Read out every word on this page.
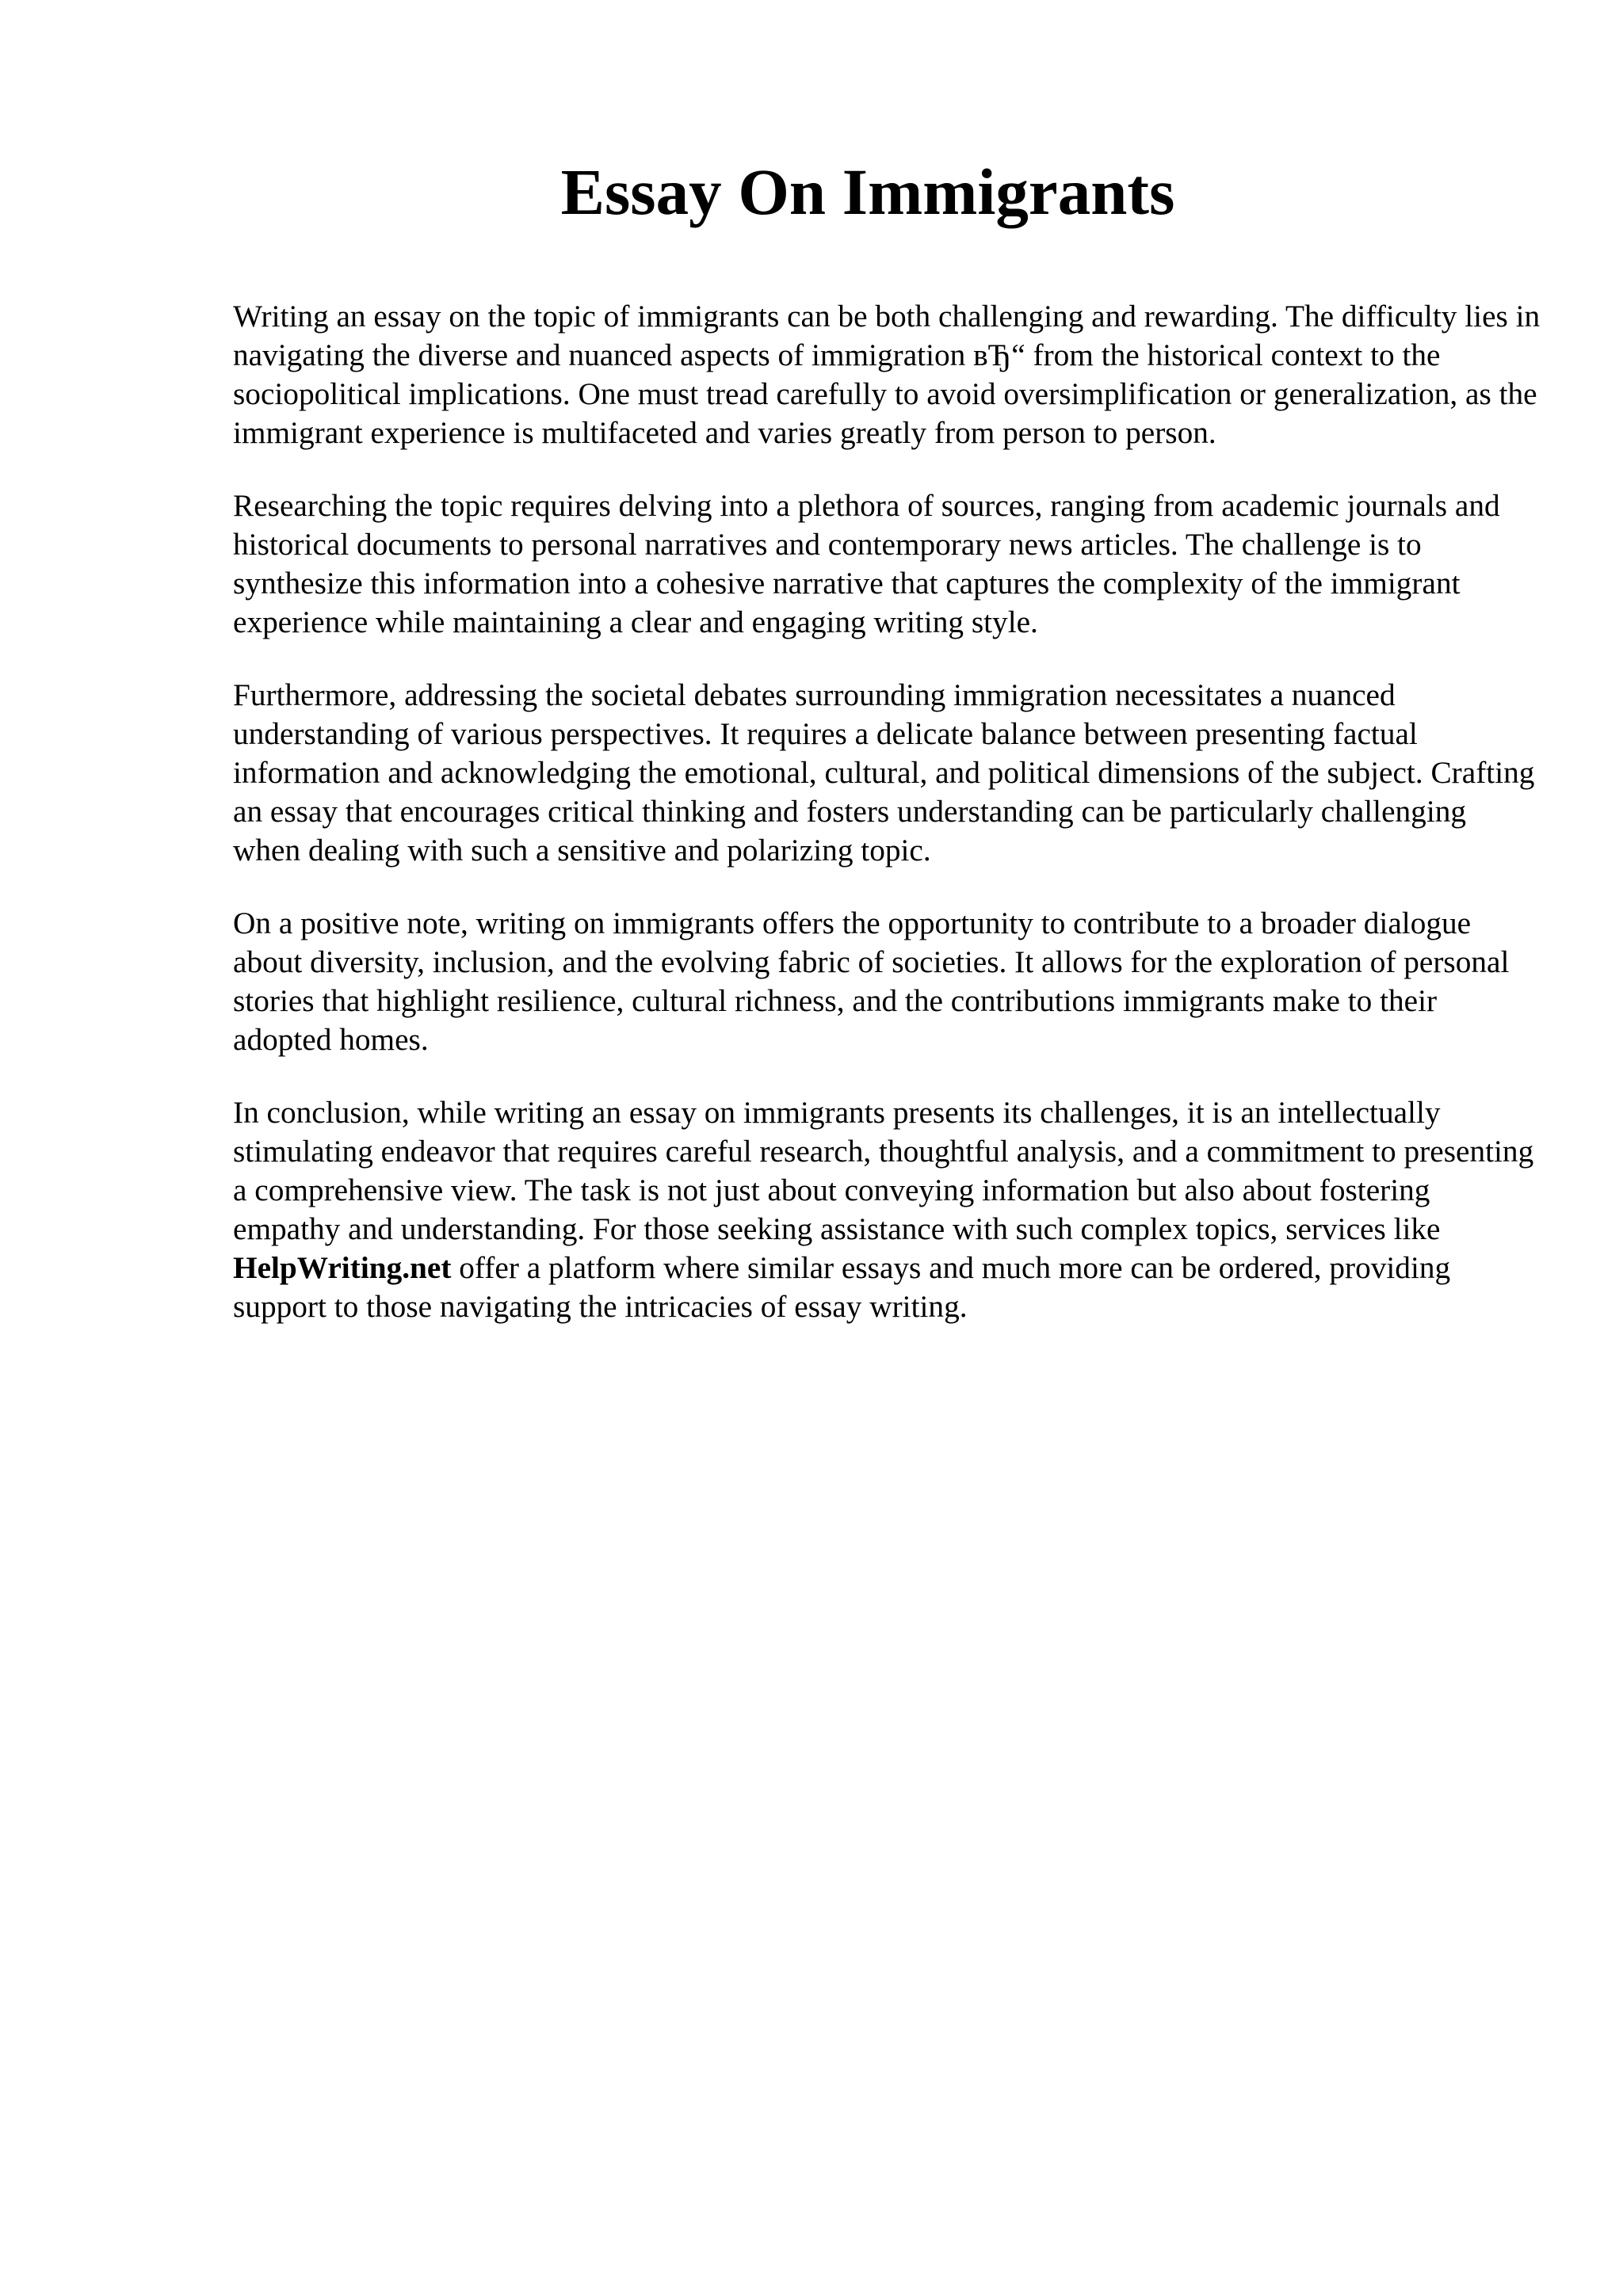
Essay On Immigrants

Writing an essay on the topic of immigrants can be both challenging and rewarding. The difficulty lies in navigating the diverse and nuanced aspects of immigration вЂ“ from the historical context to the sociopolitical implications. One must tread carefully to avoid oversimplification or generalization, as the immigrant experience is multifaceted and varies greatly from person to person.

Researching the topic requires delving into a plethora of sources, ranging from academic journals and historical documents to personal narratives and contemporary news articles. The challenge is to synthesize this information into a cohesive narrative that captures the complexity of the immigrant experience while maintaining a clear and engaging writing style.

Furthermore, addressing the societal debates surrounding immigration necessitates a nuanced understanding of various perspectives. It requires a delicate balance between presenting factual information and acknowledging the emotional, cultural, and political dimensions of the subject. Crafting an essay that encourages critical thinking and fosters understanding can be particularly challenging when dealing with such a sensitive and polarizing topic.

On a positive note, writing on immigrants offers the opportunity to contribute to a broader dialogue about diversity, inclusion, and the evolving fabric of societies. It allows for the exploration of personal stories that highlight resilience, cultural richness, and the contributions immigrants make to their adopted homes.

In conclusion, while writing an essay on immigrants presents its challenges, it is an intellectually stimulating endeavor that requires careful research, thoughtful analysis, and a commitment to presenting a comprehensive view. The task is not just about conveying information but also about fostering empathy and understanding. For those seeking assistance with such complex topics, services like HelpWriting.net offer a platform where similar essays and much more can be ordered, providing support to those navigating the intricacies of essay writing.
